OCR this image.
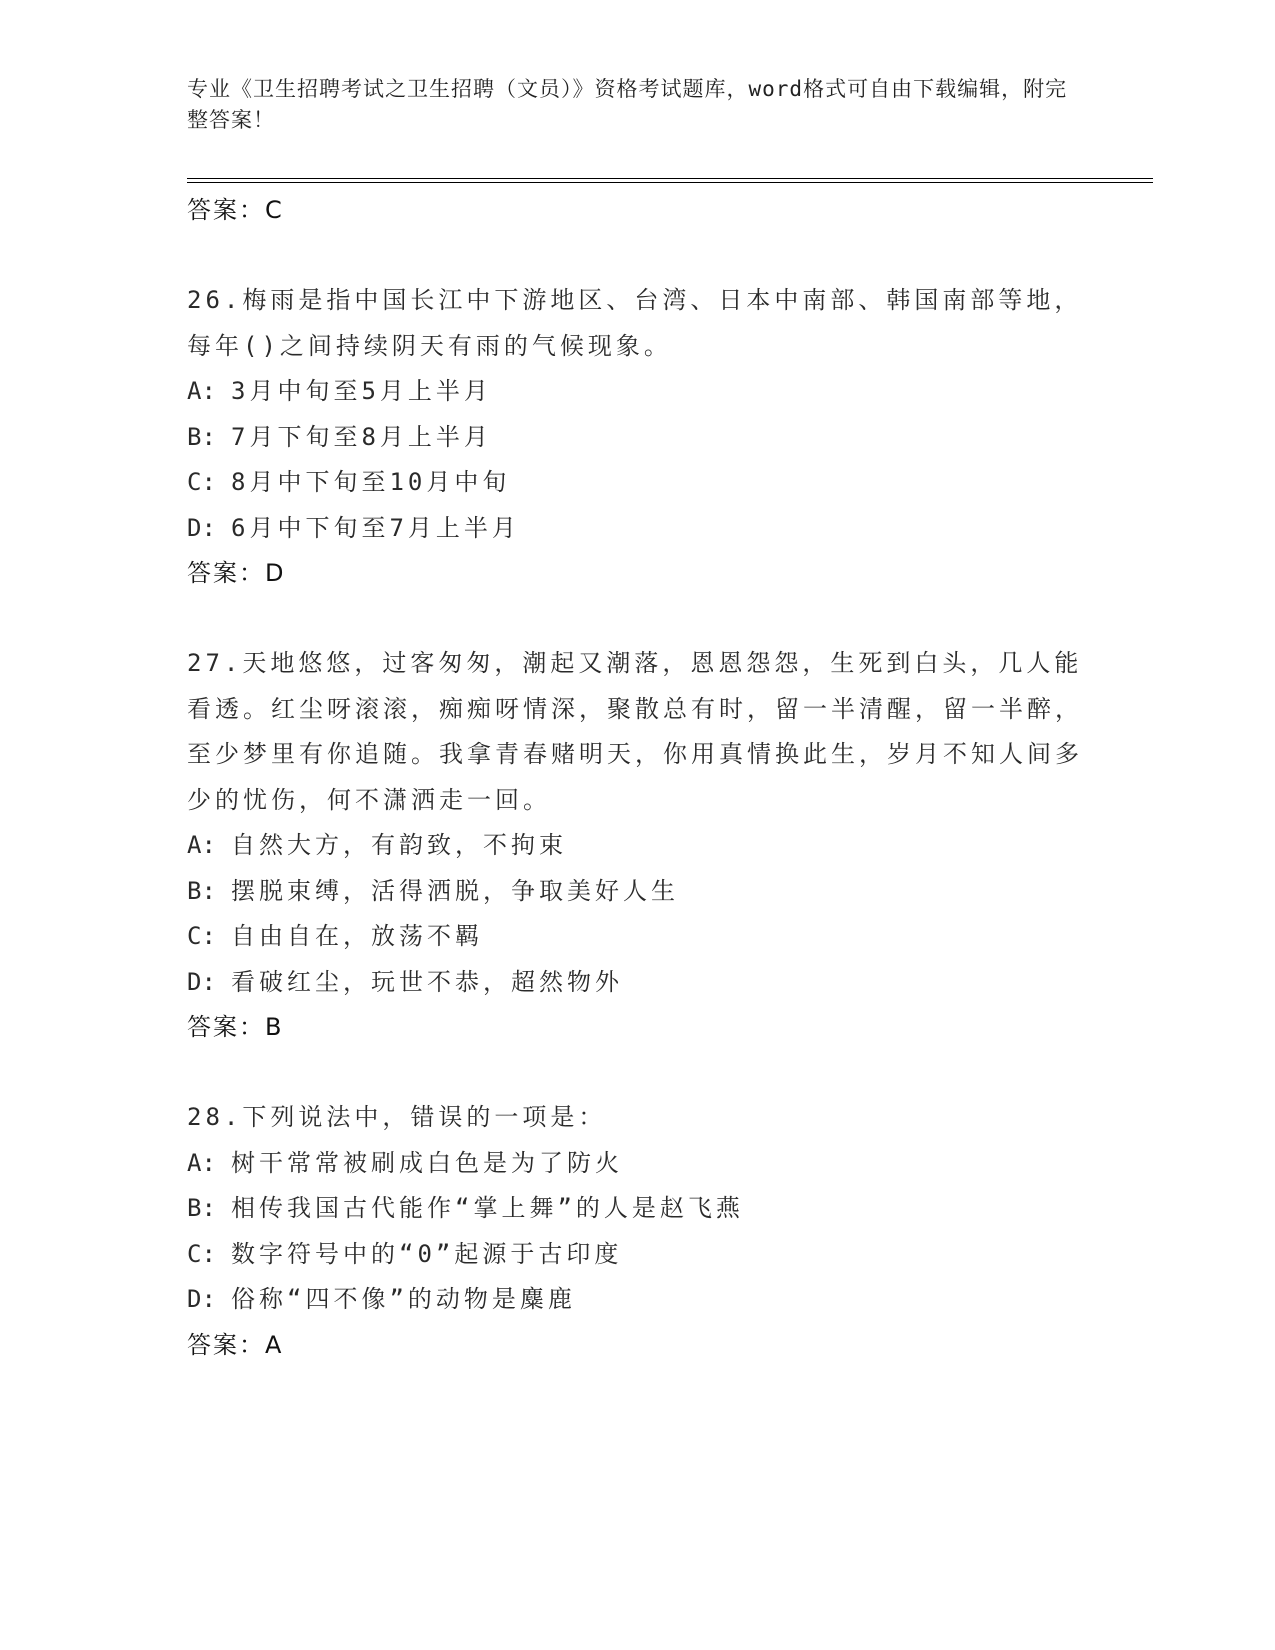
专业《卫生招聘考试之卫生招聘（文员）》资格考试题库，word格式可自由下载编辑，附完整答案！
答案：C
26.梅雨是指中国长江中下游地区、台湾、日本中南部、韩国南部等地，每年()之间持续阴天有雨的气候现象。
A: 3月中旬至5月上半月
B: 7月下旬至8月上半月
C: 8月中下旬至10月中旬
D: 6月中下旬至7月上半月
答案：D
27.天地悠悠，过客匆匆，潮起又潮落，恩恩怨怨，生死到白头，几人能看透。红尘呀滚滚，痴痴呀情深，聚散总有时，留一半清醒，留一半醉，至少梦里有你追随。我拿青春赌明天，你用真情换此生，岁月不知人间多少的忧伤，何不潇洒走一回。
A: 自然大方，有韵致，不拘束
B: 摆脱束缚，活得洒脱，争取美好人生
C: 自由自在，放荡不羁
D: 看破红尘，玩世不恭，超然物外
答案：B
28.下列说法中，错误的一项是：
A: 树干常常被刷成白色是为了防火
B: 相传我国古代能作“掌上舞”的人是赵飞燕
C: 数字符号中的“0”起源于古印度
D: 俗称“四不像”的动物是麋鹿
答案：A
